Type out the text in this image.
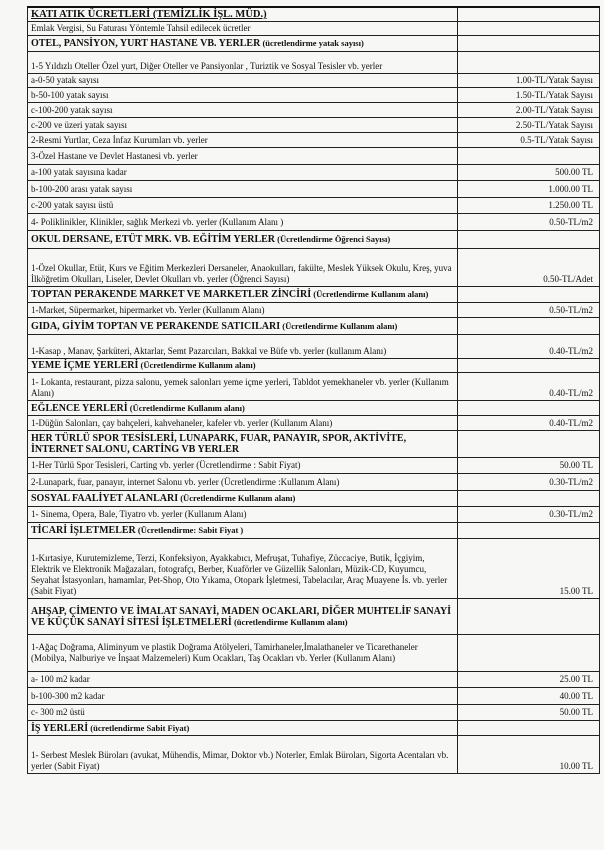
KATI ATIK ÜCRETLERİ (TEMİZLİK İŞL. MÜD.)	
Emlak Vergisi, Su Faturası Yöntemle Tahsil edilecek ücretler	
OTEL, PANSİYON, YURT HASTANE VB. YERLER (ücretlendirme yatak sayısı)	
1-5 Yıldızlı Oteller Özel yurt, Diğer Oteller ve Pansiyonlar , Turiztik ve Sosyal Tesisler vb. yerler	
a-0-50 yatak sayısı	1.00-TL/Yatak Sayısı
b-50-100 yatak sayısı	1.50-TL/Yatak Sayısı
c-100-200 yatak sayısı	2.00-TL/Yatak Sayısı
c-200 ve üzeri yatak sayısı	2.50-TL/Yatak Sayısı
2-Resmi Yurtlar, Ceza İnfaz Kurumları vb. yerler	0.5-TL/Yatak Sayısı
3-Özel Hastane ve Devlet Hastanesi vb. yerler	
a-100 yatak sayısına kadar	500.00 TL
b-100-200 arası yatak sayısı	1.000.00 TL
c-200 yatak sayısı üstü	1.250.00 TL
4- Poliklinikler, Klinikler, sağlık Merkezi vb. yerler (Kullanım Alanı )	0.50-TL/m2
OKUL DERSANE, ETÜT MRK. VB. EĞİTİM YERLER (Ücretlendirme Öğrenci Sayısı)	
1-Özel Okullar, Etüt, Kurs ve Eğitim Merkezleri Dersaneler, Anaokulları, fakülte, Meslek Yüksek Okulu, Kreş, yuva İlköğretim Okulları, Liseler, Devlet Okulları vb. yerler (Öğrenci Sayısı)	0.50-TL/Adet
TOPTAN PERAKENDE MARKET VE MARKETLER ZİNCİRİ (Ücretlendirme Kullanım alanı)	
1-Market, Süpermarket, hipermarket vb. Yerler (Kullanım Alanı)	0.50-TL/m2
GIDA, GİYİM TOPTAN VE PERAKENDE SATICILARI (Ücretlendirme Kullanım alanı)	
1-Kasap , Manav, Şarküteri, Aktarlar, Semt Pazarcıları, Bakkal ve Büfe vb. yerler (kullanım Alanı)	0.40-TL/m2
YEME İÇME YERLERİ (Ücretlendirme Kullanım alanı)	
1- Lokanta, restaurant, pizza salonu, yemek salonları yeme içme yerleri, Tabldot yemekhaneler vb. yerler (Kullanım Alanı)	0.40-TL/m2
EĞLENCE YERLERİ (Ücretlendirme Kullanım alanı)	
1-Düğün Salonları, çay bahçeleri, kahvehaneler, kafeler vb. yerler (Kullanım Alanı)	0.40-TL/m2
HER TÜRLÜ SPOR TESİSLERİ, LUNAPARK, FUAR, PANAYIR, SPOR, AKTİVİTE, İNTERNET SALONU, CARTİNG VB YERLER	
1-Her Türlü Spor Tesisleri, Carting vb. yerler (Ücretlendirme : Sabit Fiyat)	50.00 TL
2-Lunapark, fuar, panayır, internet Salonu vb. yerler (Ücretlendirme :Kullanım Alanı)	0.30-TL/m2
SOSYAL FAALİYET ALANLARI (Ücretlendirme Kullanım alanı)	
1- Sinema, Opera, Bale, Tiyatro vb. yerler (Kullanım Alanı)	0.30-TL/m2
TİCARİ İŞLETMELER (Ücretlendirme: Sabit Fiyat )	
1-Kırtasiye, Kurutemizleme, Terzi, Konfeksiyon, Ayakkabıcı, Mefruşat, Tuhafiye, Züccaciye, Butik, İçgiyim, Elektrik ve Elektronik Mağazaları, fotografçı, Berber, Kuaförler ve Güzellik Salonları, Müzik-CD, Kuyumcu, Seyahat İstasyonları, hamamlar, Pet-Shop, Oto Yıkama, Otopark İşletmesi, Tabelacılar, Araç Muayene İs. vb. yerler (Sabit Fiyat)	15.00 TL
AHŞAP, ÇİMENTO VE İMALAT SANAYİ, MADEN OCAKLARI, DİĞER MUHTELİF SANAYİ VE KÜÇÜK SANAYİ SİTESİ İŞLETMELERİ (ücretlendirme Kullanım alanı)	
1-Ağaç Doğrama, Aliminyum ve plastik Doğrama Atölyeleri, Tamirhaneler,İmalathaneler ve Ticarethaneler (Mobilya, Nalburiye ve İnşaat Malzemeleri) Kum Ocakları, Taş Ocakları vb. Yerler (Kullanım Alanı)	
a- 100 m2 kadar	25.00 TL
b-100-300 m2 kadar	40.00 TL
c- 300 m2 üstü	50.00 TL
İŞ YERLERİ (ücretlendirme Sabit Fiyat)	
1- Serbest Meslek Büroları (avukat, Mühendis, Mimar, Doktor vb.) Noterler, Emlak Büroları, Sigorta Acentaları vb. yerler (Sabit Fiyat)	10.00 TL
